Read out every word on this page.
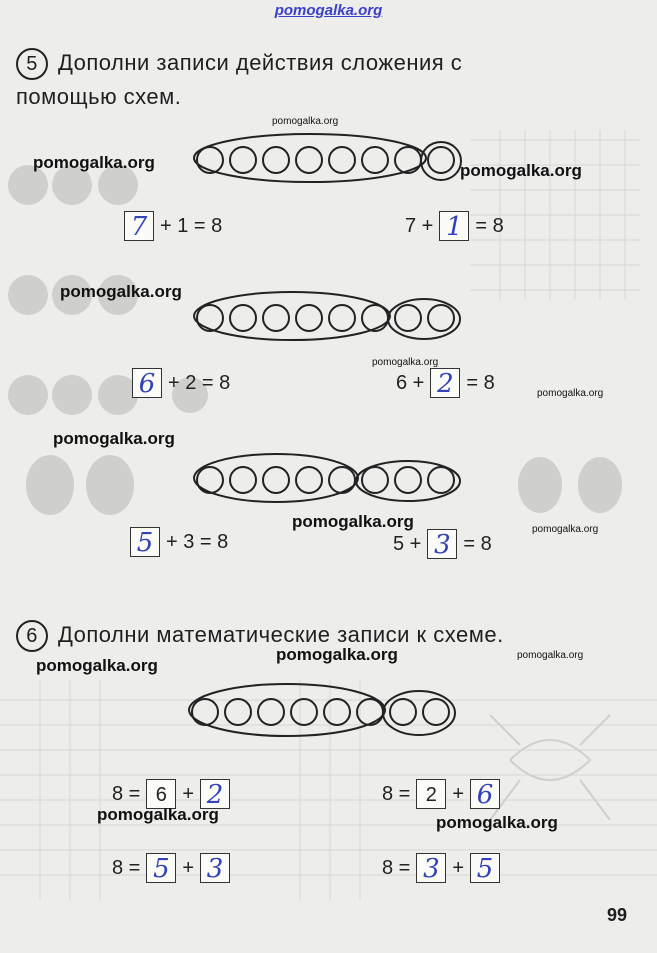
pomogalka.org
5 Дополни записи действия сложения с
помощью схем.
7 + 1 = 8	7 + 1 = 8
6 + 2 = 8	6 + 2 = 8
5 + 3 = 8	5 + 3 = 8
6 Дополни математические записи к схеме.
8 = 6 + 2	8 = 2 + 6
8 = 5 + 3	8 = 3 + 5
99
pomogalka.org
pomogalka.org	pomogalka.org
pomogalka.org
pomogalka.org
pomogalka.org
pomogalka.org
pomogalka.org	pomogalka.org
pomogalka.org	pomogalka.org
pomogalka.org
pomogalka.org	pomogalka.org
